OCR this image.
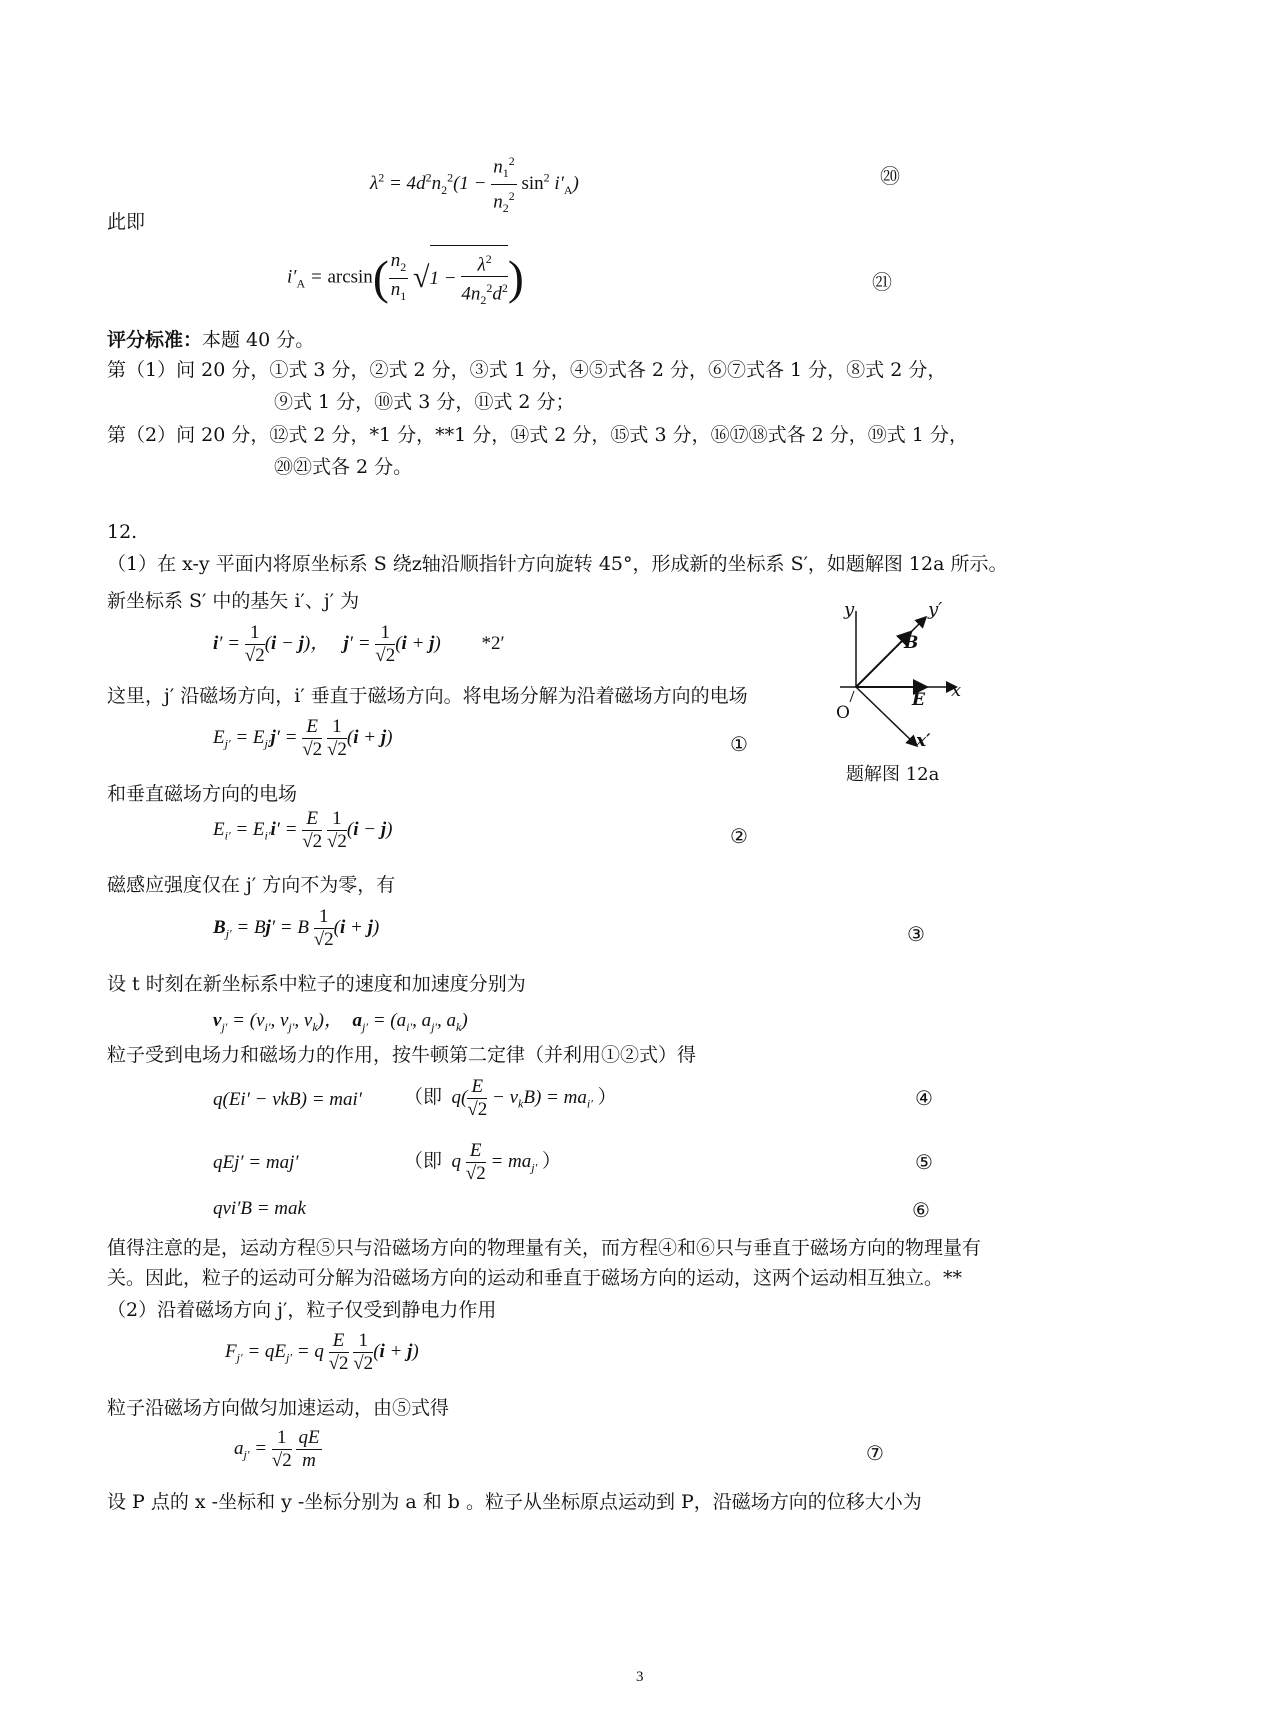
$\lambda^2 = 4d^2n_2^2(1 - \frac{n_1^2}{n_2^2} \sin^2 i'_A)$	⑳
此即
$i'_A = \arcsin( \frac{n_2}{n_1} √1 - \frac{\lambda^2}{4n_2^2d^2}$ )	㉑
评分标准：本题 40 分。
第（1）问 20 分，①式 3 分，②式 2 分，③式 1 分，④⑤式各 2 分，⑥⑦式各 1 分，⑧式 2 分，
⑨式 1 分，⑩式 3 分，⑪式 2 分；
第（2）问 20 分，⑫式 2 分，*1 分，**1 分，⑭式 2 分，⑮式 3 分，⑯⑰⑱式各 2 分，⑲式 1 分，
⑳㉑式各 2 分。
12.
（1）在 x-y 平面内将原坐标系 S 绕z轴沿顺指针方向旋转 45°，形成新的坐标系 S′，如题解图 12a 所示。
新坐标系 S′ 中的基矢 i′、j′ 为
$i' = \frac{1}{√2} (i - j)$，   $j' = \frac{1}{√2} (i + j)$ *2′
这里，j′ 沿磁场方向，i′ 垂直于磁场方向。将电场分解为沿着磁场方向的电场
$E_{j'} = E_{j'}j' = \frac{E}{√2}$
$\frac{1}{√2} (i + j)$	①
和垂直磁场方向的电场
$E_{i'} = E_{i'}i' = \frac{E}{√2}$
$\frac{1}{√2} (i - j)$	②
磁感应强度仅在 j′ 方向不为零，有
$B_{j'} = Bj' = B \frac{1}{√2} (i + j)$	③
设 t 时刻在新坐标系中粒子的速度和加速度分别为
$v_{j'} = (v_{i'}$, $v_{j'}$, $v_k$)，  $a_{j'} = (a_{i'}$, $a_{j'}$, $a_k$)
粒子受到电场力和磁场力的作用，按牛顿第二定律（并利用①②式）得
q(Ei′ − vkB) = mai′ （即  $q( \frac{E}{√2} - v_kB) = ma_{i'}$ ）	④
qEj′ = maj′	（即  q $\frac{E}{√2} = ma_{j'}$ ）	⑤
qvi′B = mak	⑥
值得注意的是，运动方程⑤只与沿磁场方向的物理量有关，而方程④和⑥只与垂直于磁场方向的物理量有
关。因此，粒子的运动可分解为沿磁场方向的运动和垂直于磁场方向的运动，这两个运动相互独立。**
（2）沿着磁场方向 j′，粒子仅受到静电力作用
$F_{j'} = qE_{j'} = q \frac{E}{√2}$
$\frac{1}{√2} (i + j)$
粒子沿磁场方向做匀加速运动，由⑤式得
$a_{j'} = \frac{1}{√2}$
$\frac{qE}{m}$	⑦
设 P 点的 x -坐标和 y -坐标分别为 a 和 b 。粒子从坐标原点运动到 P，沿磁场方向的位移大小为
y	y′
B
E x
O
x′
题解图 12a
3
